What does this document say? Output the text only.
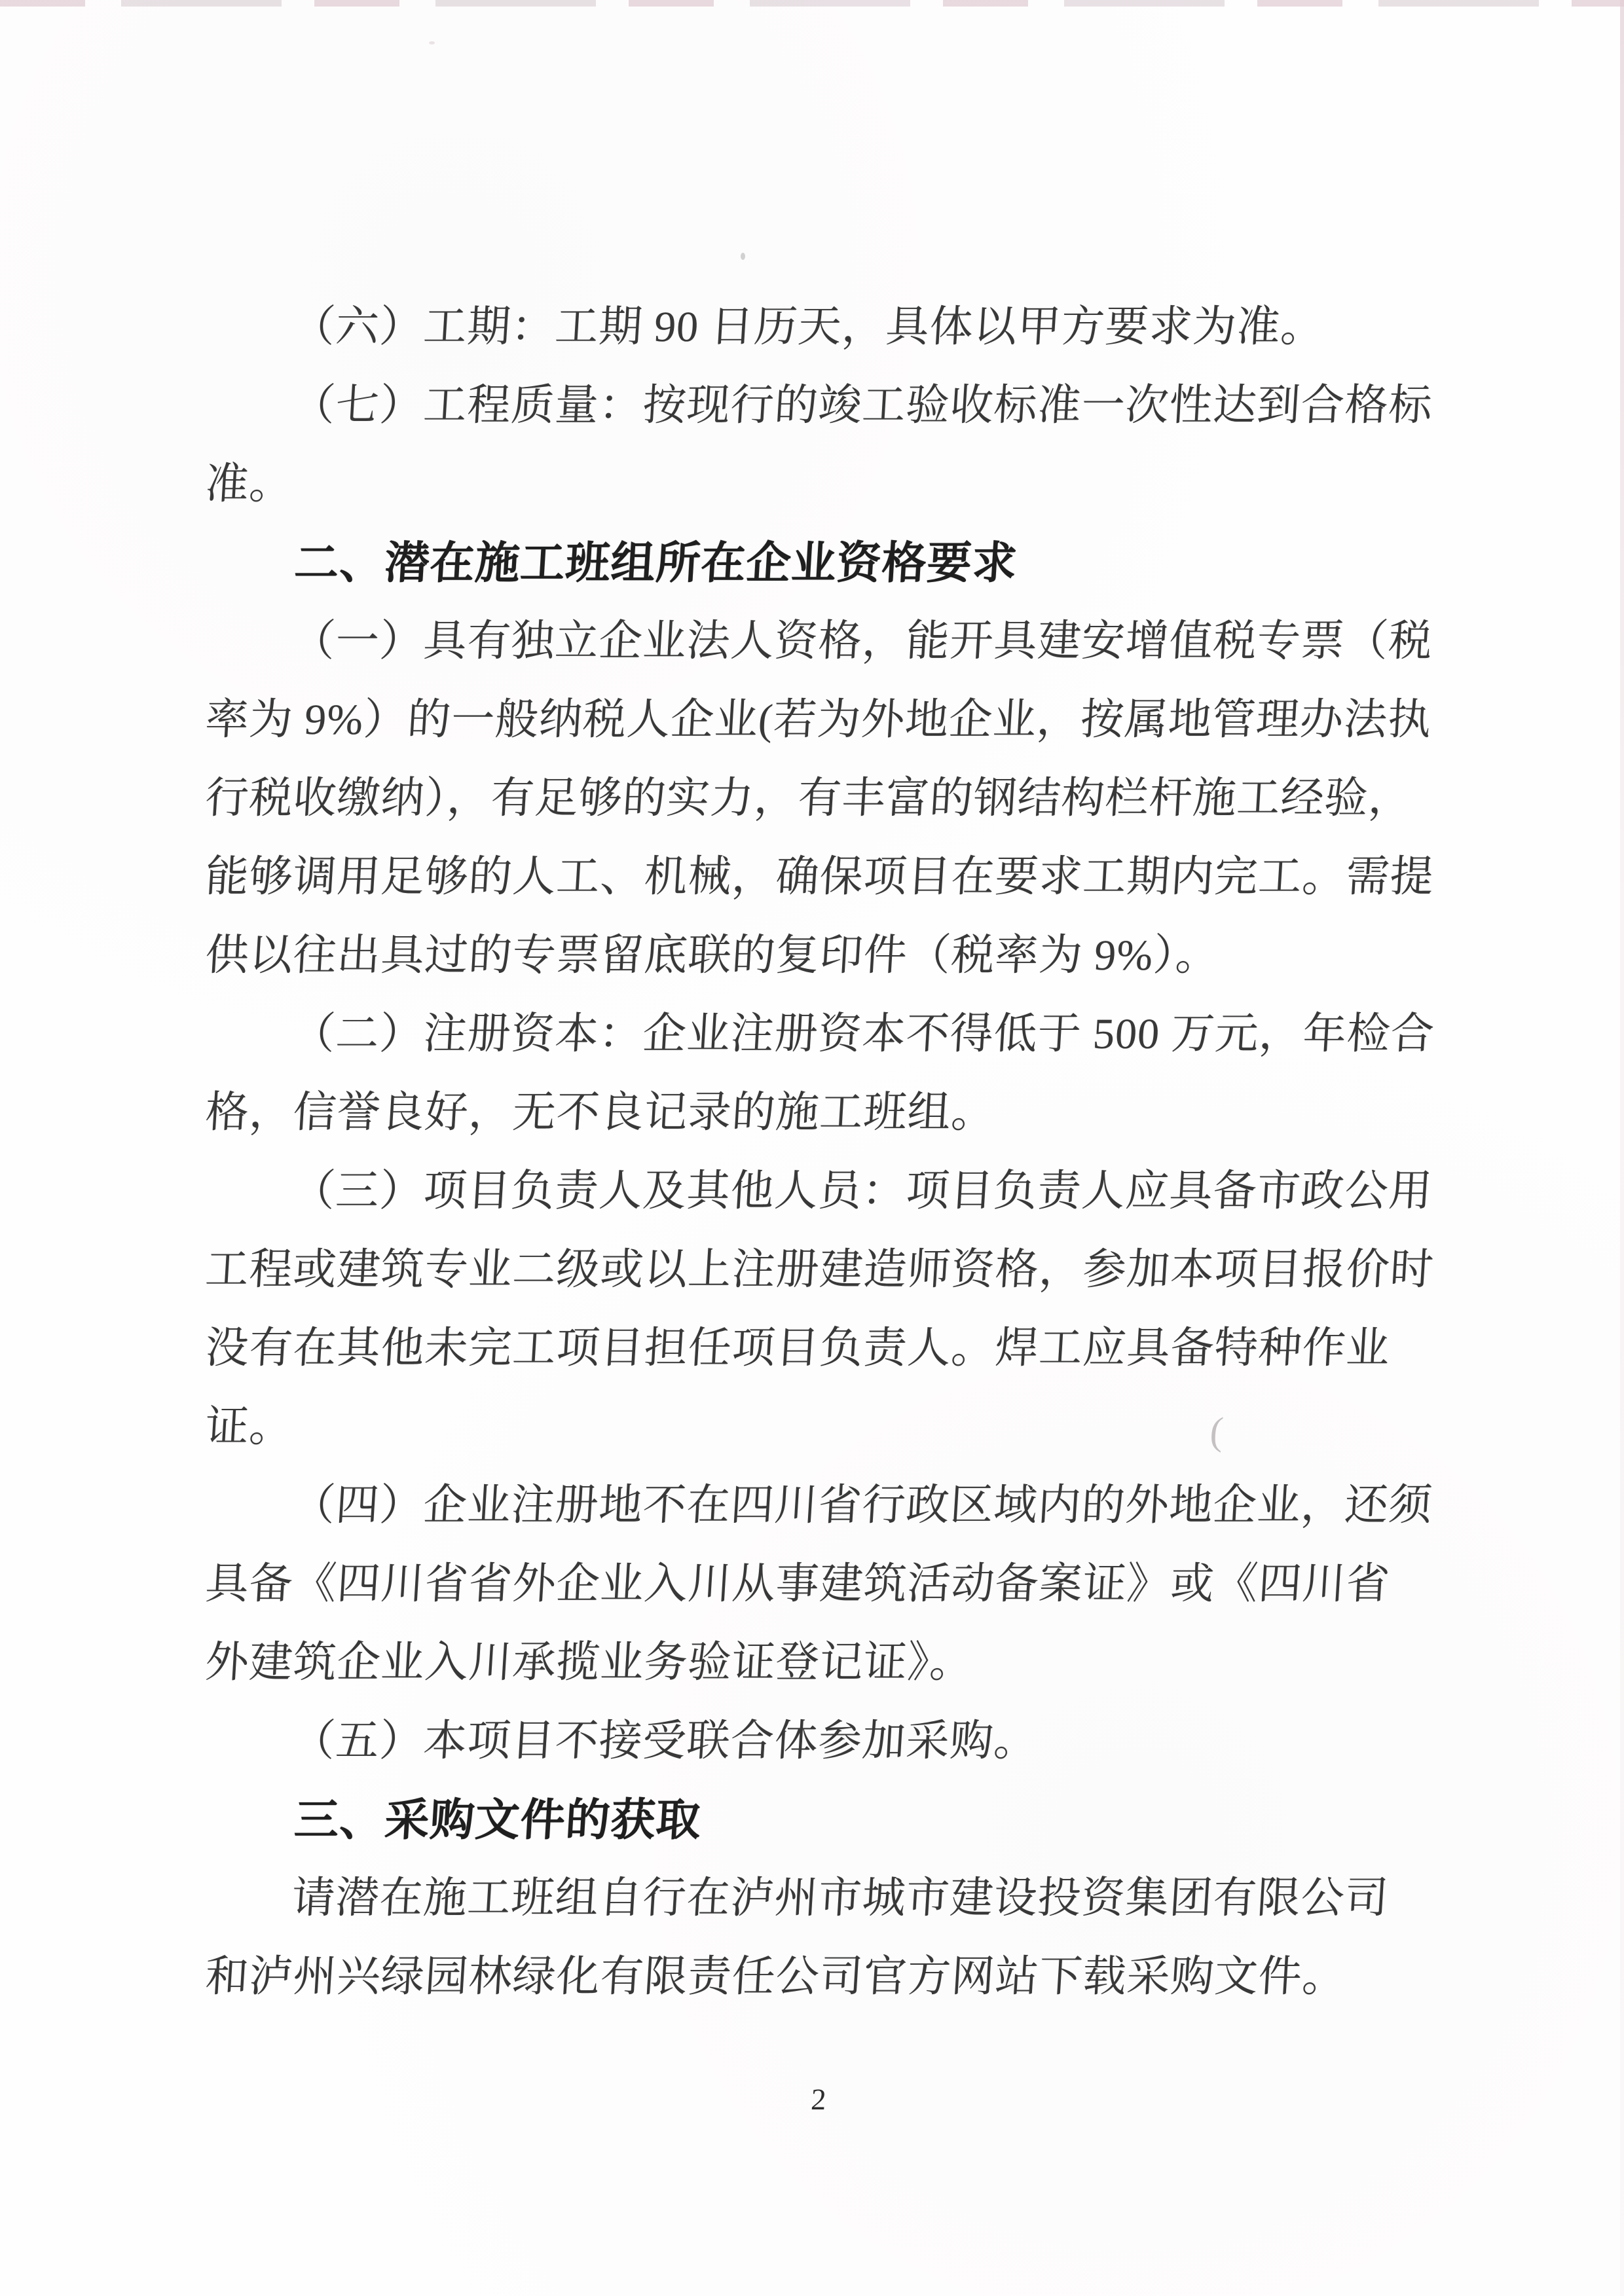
(
（六）工期：工期 90 日历天，具体以甲方要求为准。
（七）工程质量：按现行的竣工验收标准一次性达到合格标
准。
二、潜在施工班组所在企业资格要求
（一）具有独立企业法人资格，能开具建安增值税专票（税
率为 9%）的一般纳税人企业(若为外地企业，按属地管理办法执
行税收缴纳），有足够的实力，有丰富的钢结构栏杆施工经验，
能够调用足够的人工、机械，确保项目在要求工期内完工。需提
供以往出具过的专票留底联的复印件（税率为 9%）。
（二）注册资本：企业注册资本不得低于 500 万元，年检合
格，信誉良好，无不良记录的施工班组。
（三）项目负责人及其他人员：项目负责人应具备市政公用
工程或建筑专业二级或以上注册建造师资格，参加本项目报价时
没有在其他未完工项目担任项目负责人。焊工应具备特种作业
证。
（四）企业注册地不在四川省行政区域内的外地企业，还须
具备《四川省省外企业入川从事建筑活动备案证》或《四川省
外建筑企业入川承揽业务验证登记证》。
（五）本项目不接受联合体参加采购。
三、采购文件的获取
请潜在施工班组自行在泸州市城市建设投资集团有限公司
和泸州兴绿园林绿化有限责任公司官方网站下载采购文件。
2
